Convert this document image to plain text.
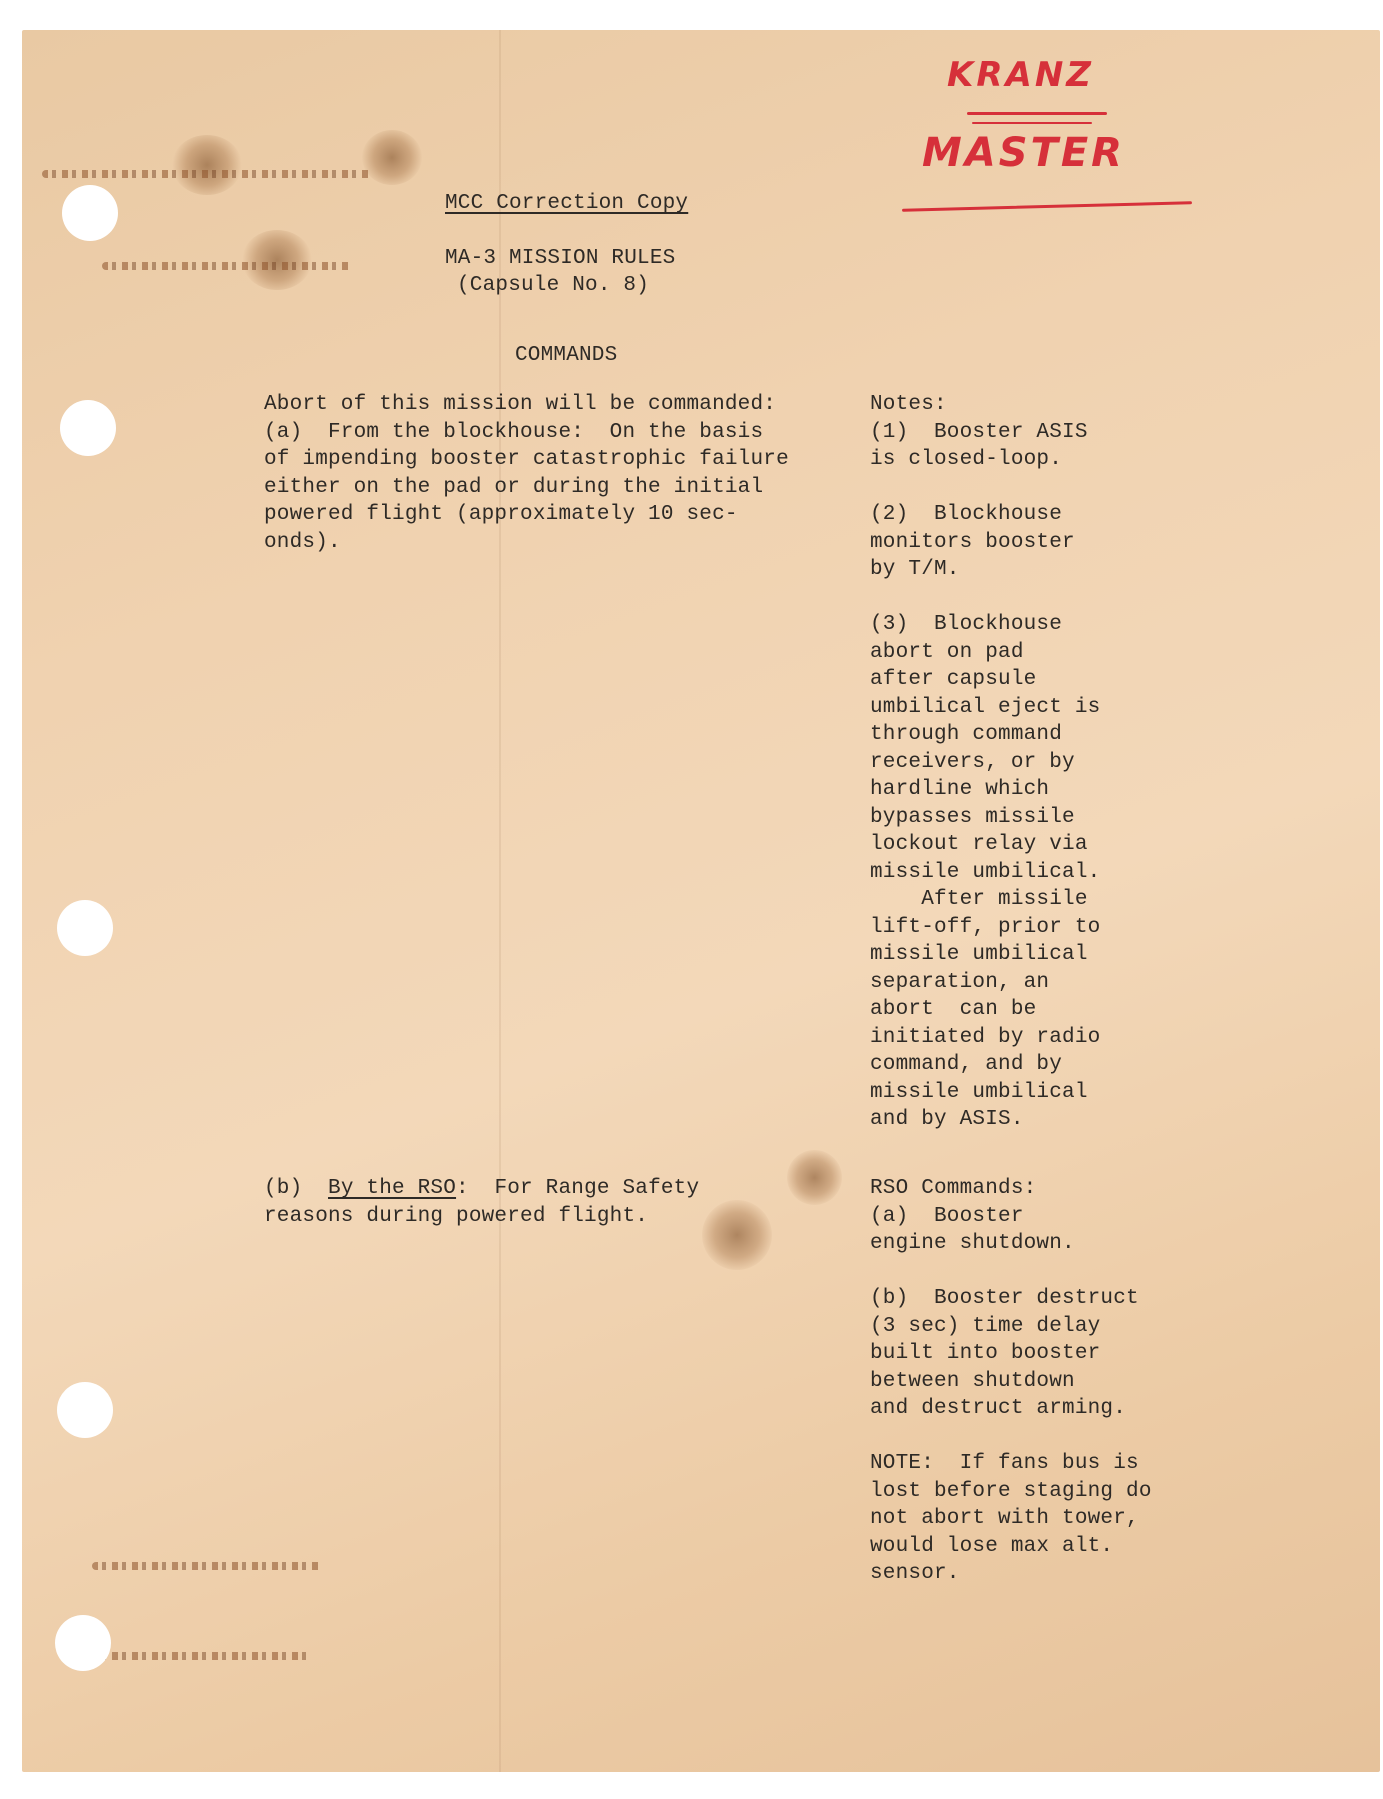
KRANZ
MASTER
MCC Correction Copy
MA-3 MISSION RULES
(Capsule No. 8)
COMMANDS
Abort of this mission will be commanded:
(a)  From the blockhouse:  On the basis
of impending booster catastrophic failure
either on the pad or during the initial
powered flight (approximately 10 sec-
onds).
(b)  By the RSO:  For Range Safety
reasons during powered flight.
Notes:
(1)  Booster ASIS
is closed-loop.
(2)  Blockhouse
monitors booster
by T/M.
(3)  Blockhouse
abort on pad
after capsule
umbilical eject is
through command
receivers, or by
hardline which
bypasses missile
lockout relay via
missile umbilical.
After missile
lift-off, prior to
missile umbilical
separation, an
abort  can be
initiated by radio
command, and by
missile umbilical
and by ASIS.
RSO Commands:
(a)  Booster
engine shutdown.
(b)  Booster destruct
(3 sec) time delay
built into booster
between shutdown
and destruct arming.
NOTE:  If fans bus is
lost before staging do
not abort with tower,
would lose max alt.
sensor.
